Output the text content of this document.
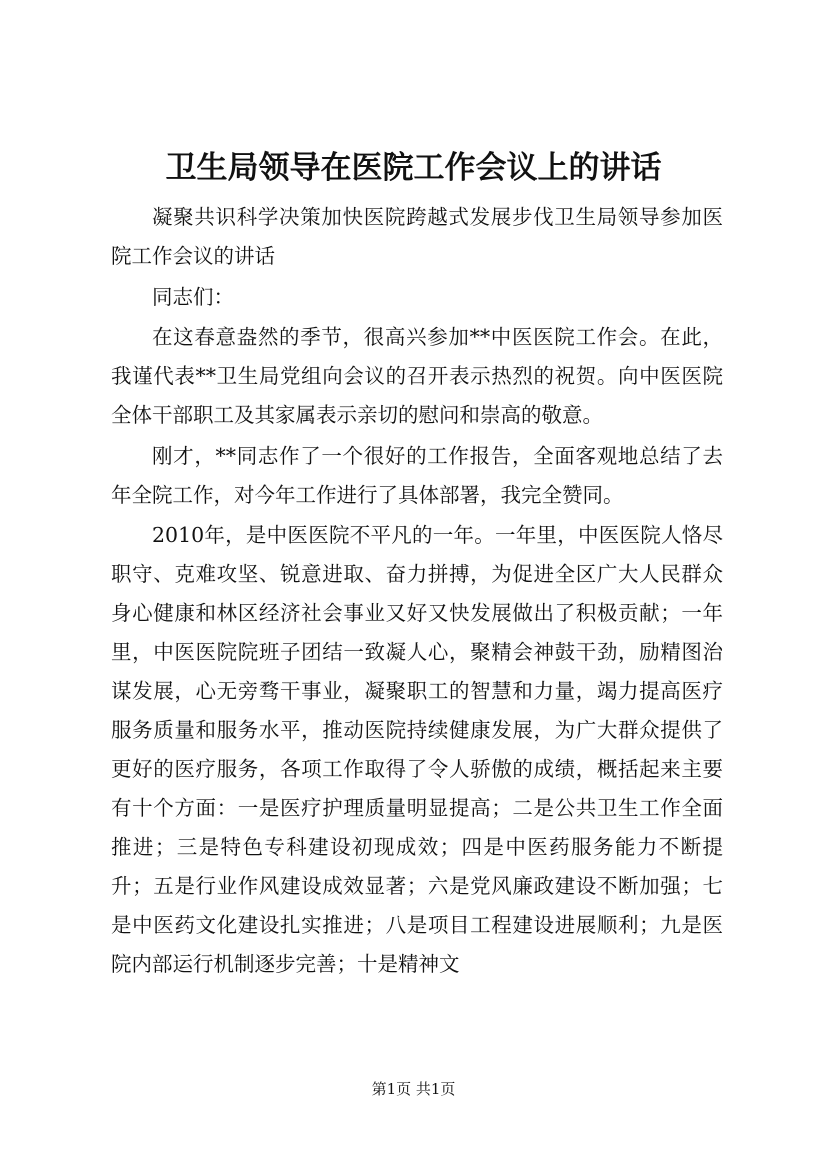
卫生局领导在医院工作会议上的讲话

凝聚共识科学决策加快医院跨越式发展步伐卫生局领导参加医院工作会议的讲话

同志们：

在这春意盎然的季节，很高兴参加**中医医院工作会。在此，我谨代表**卫生局党组向会议的召开表示热烈的祝贺。向中医医院全体干部职工及其家属表示亲切的慰问和崇高的敬意。

刚才，**同志作了一个很好的工作报告，全面客观地总结了去年全院工作，对今年工作进行了具体部署，我完全赞同。

2010年，是中医医院不平凡的一年。一年里，中医医院人恪尽职守、克难攻坚、锐意进取、奋力拼搏，为促进全区广大人民群众身心健康和林区经济社会事业又好又快发展做出了积极贡献；一年里，中医医院院班子团结一致凝人心，聚精会神鼓干劲，励精图治谋发展，心无旁骛干事业，凝聚职工的智慧和力量，竭力提高医疗服务质量和服务水平，推动医院持续健康发展，为广大群众提供了更好的医疗服务，各项工作取得了令人骄傲的成绩，概括起来主要有十个方面：一是医疗护理质量明显提高；二是公共卫生工作全面推进；三是特色专科建设初现成效；四是中医药服务能力不断提升；五是行业作风建设成效显著；六是党风廉政建设不断加强；七是中医药文化建设扎实推进；八是项目工程建设进展顺利；九是医院内部运行机制逐步完善；十是精神文

第1页 共1页
